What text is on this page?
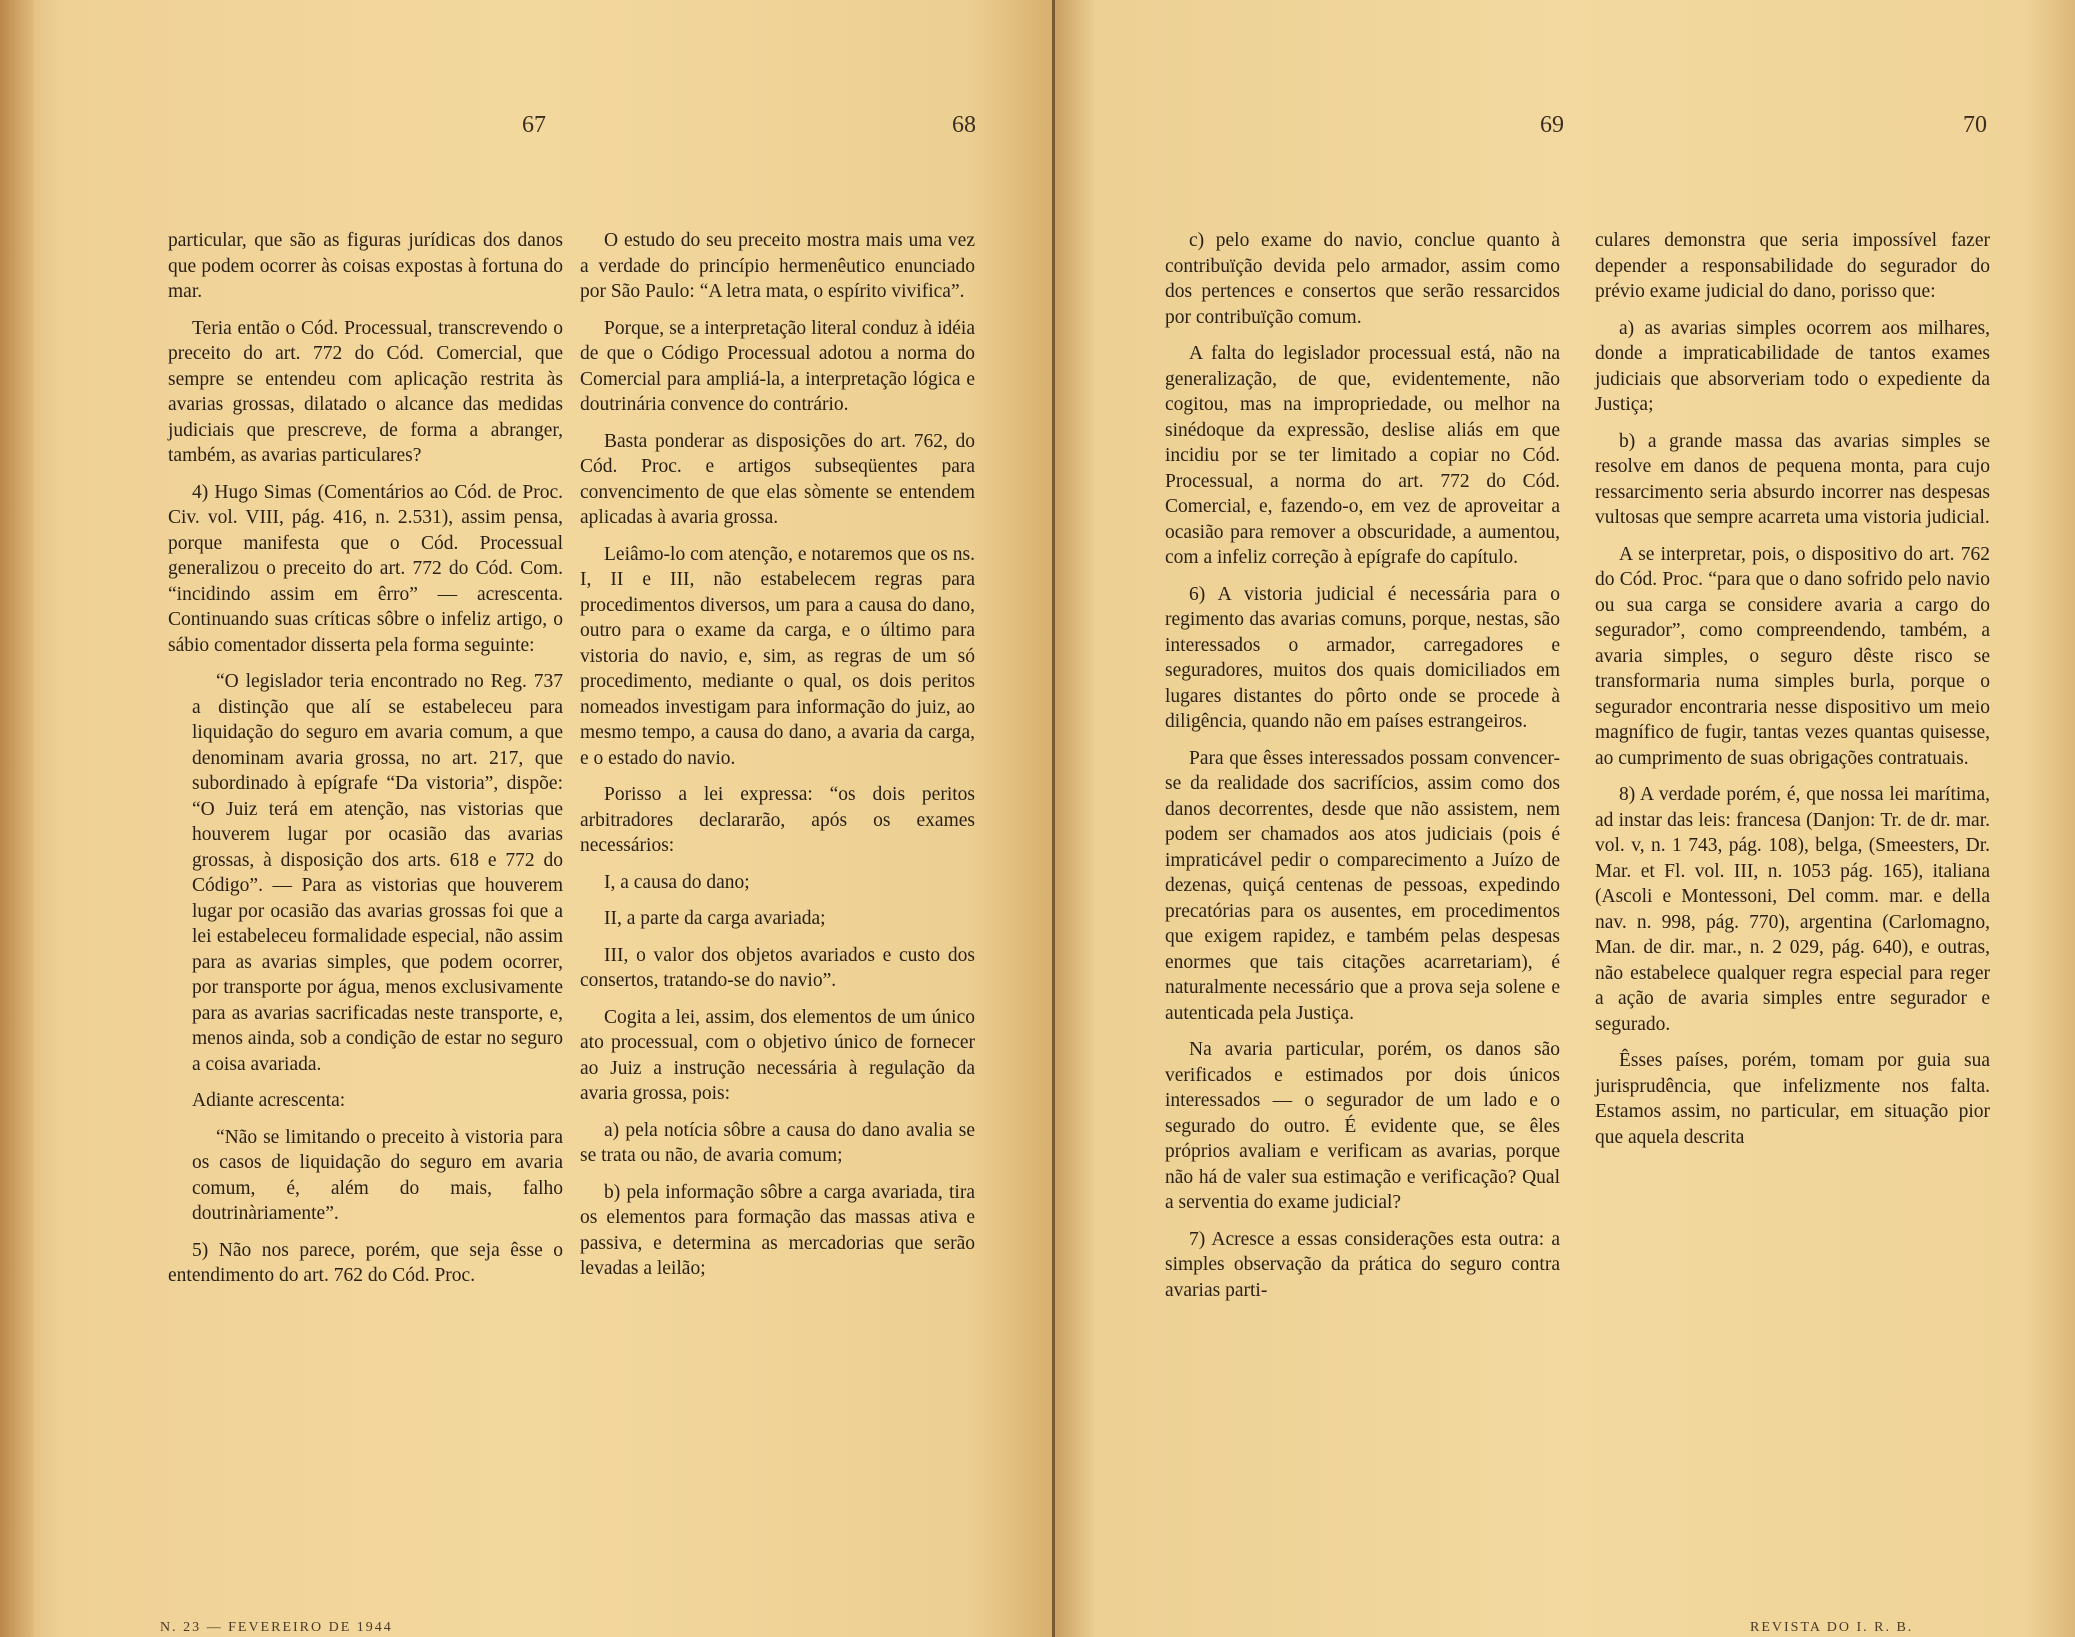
67	68

particular, que são as figuras jurídicas dos danos que podem ocorrer às coisas expostas à fortuna do mar.

Teria então o Cód. Processual, transcrevendo o preceito do art. 772 do Cód. Comercial, que sempre se entendeu com aplicação restrita às avarias grossas, dilatado o alcance das medidas judiciais que prescreve, de forma a abranger, também, as avarias particulares?

4) Hugo Simas (Comentários ao Cód. de Proc. Civ. vol. VIII, pág. 416, n. 2.531), assim pensa, porque manifesta que o Cód. Processual generalizou o preceito do art. 772 do Cód. Com. “incidindo assim em êrro” — acrescenta. Continuando suas críticas sôbre o infeliz artigo, o sábio comentador disserta pela forma seguinte:

“O legislador teria encontrado no Reg. 737 a distinção que alí se estabeleceu para liquidação do seguro em avaria comum, a que denominam avaria grossa, no art. 217, que subordinado à epígrafe “Da vistoria”, dispõe: “O Juiz terá em atenção, nas vistorias que houverem lugar por ocasião das avarias grossas, à disposição dos arts. 618 e 772 do Código”. — Para as vistorias que houverem lugar por ocasião das avarias grossas foi que a lei estabeleceu formalidade especial, não assim para as avarias simples, que podem ocorrer, por transporte por água, menos exclusivamente para as avarias sacrificadas neste transporte, e, menos ainda, sob a condição de estar no seguro a coisa avariada.

Adiante acrescenta:

“Não se limitando o preceito à vistoria para os casos de liquidação do seguro em avaria comum, é, além do mais, falho doutrinàriamente”.

5) Não nos parece, porém, que seja êsse o entendimento do art. 762 do Cód. Proc.

O estudo do seu preceito mostra mais uma vez a verdade do princípio hermenêutico enunciado por São Paulo: “A letra mata, o espírito vivifica”.

Porque, se a interpretação literal conduz à idéia de que o Código Processual adotou a norma do Comercial para ampliá-la, a interpretação lógica e doutrinária convence do contrário.

Basta ponderar as disposições do art. 762, do Cód. Proc. e artigos subseqüentes para convencimento de que elas sòmente se entendem aplicadas à avaria grossa.

Leiâmo-lo com atenção, e notaremos que os ns. I, II e III, não estabelecem regras para procedimentos diversos, um para a causa do dano, outro para o exame da carga, e o último para vistoria do navio, e, sim, as regras de um só procedimento, mediante o qual, os dois peritos nomeados investigam para informação do juiz, ao mesmo tempo, a causa do dano, a avaria da carga, e o estado do navio.

Porisso a lei expressa: “os dois peritos arbitradores declararão, após os exames necessários:

I, a causa do dano;

II, a parte da carga avariada;

III, o valor dos objetos avariados e custo dos consertos, tratando-se do navio”.

Cogita a lei, assim, dos elementos de um único ato processual, com o objetivo único de fornecer ao Juiz a instrução necessária à regulação da avaria grossa, pois:

a) pela notícia sôbre a causa do dano avalia se se trata ou não, de avaria comum;

b) pela informação sôbre a carga avariada, tira os elementos para formação das massas ativa e passiva, e determina as mercadorias que serão levadas a leilão;

N. 23 — FEVEREIRO DE 1944
69	70

c) pelo exame do navio, conclue quanto à contribuïção devida pelo armador, assim como dos pertences e consertos que serão ressarcidos por contribuïção comum.

A falta do legislador processual está, não na generalização, de que, evidentemente, não cogitou, mas na impropriedade, ou melhor na sinédoque da expressão, deslise aliás em que incidiu por se ter limitado a copiar no Cód. Processual, a norma do art. 772 do Cód. Comercial, e, fazendo-o, em vez de aproveitar a ocasião para remover a obscuridade, a aumentou, com a infeliz correção à epígrafe do capítulo.

6) A vistoria judicial é necessária para o regimento das avarias comuns, porque, nestas, são interessados o armador, carregadores e seguradores, muitos dos quais domiciliados em lugares distantes do pôrto onde se procede à diligência, quando não em países estrangeiros.

Para que êsses interessados possam convencer-se da realidade dos sacrifícios, assim como dos danos decorrentes, desde que não assistem, nem podem ser chamados aos atos judiciais (pois é impraticável pedir o comparecimento a Juízo de dezenas, quiçá centenas de pessoas, expedindo precatórias para os ausentes, em procedimentos que exigem rapidez, e também pelas despesas enormes que tais citações acarretariam), é naturalmente necessário que a prova seja solene e autenticada pela Justiça.

Na avaria particular, porém, os danos são verificados e estimados por dois únicos interessados — o segurador de um lado e o segurado do outro. É evidente que, se êles próprios avaliam e verificam as avarias, porque não há de valer sua estimação e verificação? Qual a serventia do exame judicial?

7) Acresce a essas considerações esta outra: a simples observação da prática do seguro contra avarias parti-

culares demonstra que seria impossível fazer depender a responsabilidade do segurador do prévio exame judicial do dano, porisso que:

a) as avarias simples ocorrem aos milhares, donde a impraticabilidade de tantos exames judiciais que absorveriam todo o expediente da Justiça;

b) a grande massa das avarias simples se resolve em danos de pequena monta, para cujo ressarcimento seria absurdo incorrer nas despesas vultosas que sempre acarreta uma vistoria judicial.

A se interpretar, pois, o dispositivo do art. 762 do Cód. Proc. “para que o dano sofrido pelo navio ou sua carga se considere avaria a cargo do segurador”, como compreendendo, também, a avaria simples, o seguro dêste risco se transformaria numa simples burla, porque o segurador encontraria nesse dispositivo um meio magnífico de fugir, tantas vezes quantas quisesse, ao cumprimento de suas obrigações contratuais.

8) A verdade porém, é, que nossa lei marítima, ad instar das leis: francesa (Danjon: Tr. de dr. mar. vol. v, n. 1 743, pág. 108), belga, (Smeesters, Dr. Mar. et Fl. vol. III, n. 1053 pág. 165), italiana (Ascoli e Montessoni, Del comm. mar. e della nav. n. 998, pág. 770), argentina (Carlomagno, Man. de dir. mar., n. 2 029, pág. 640), e outras, não estabelece qualquer regra especial para reger a ação de avaria simples entre segurador e segurado.

Êsses países, porém, tomam por guia sua jurisprudência, que infelizmente nos falta. Estamos assim, no particular, em situação pior que aquela descrita

REVISTA DO I. R. B.
